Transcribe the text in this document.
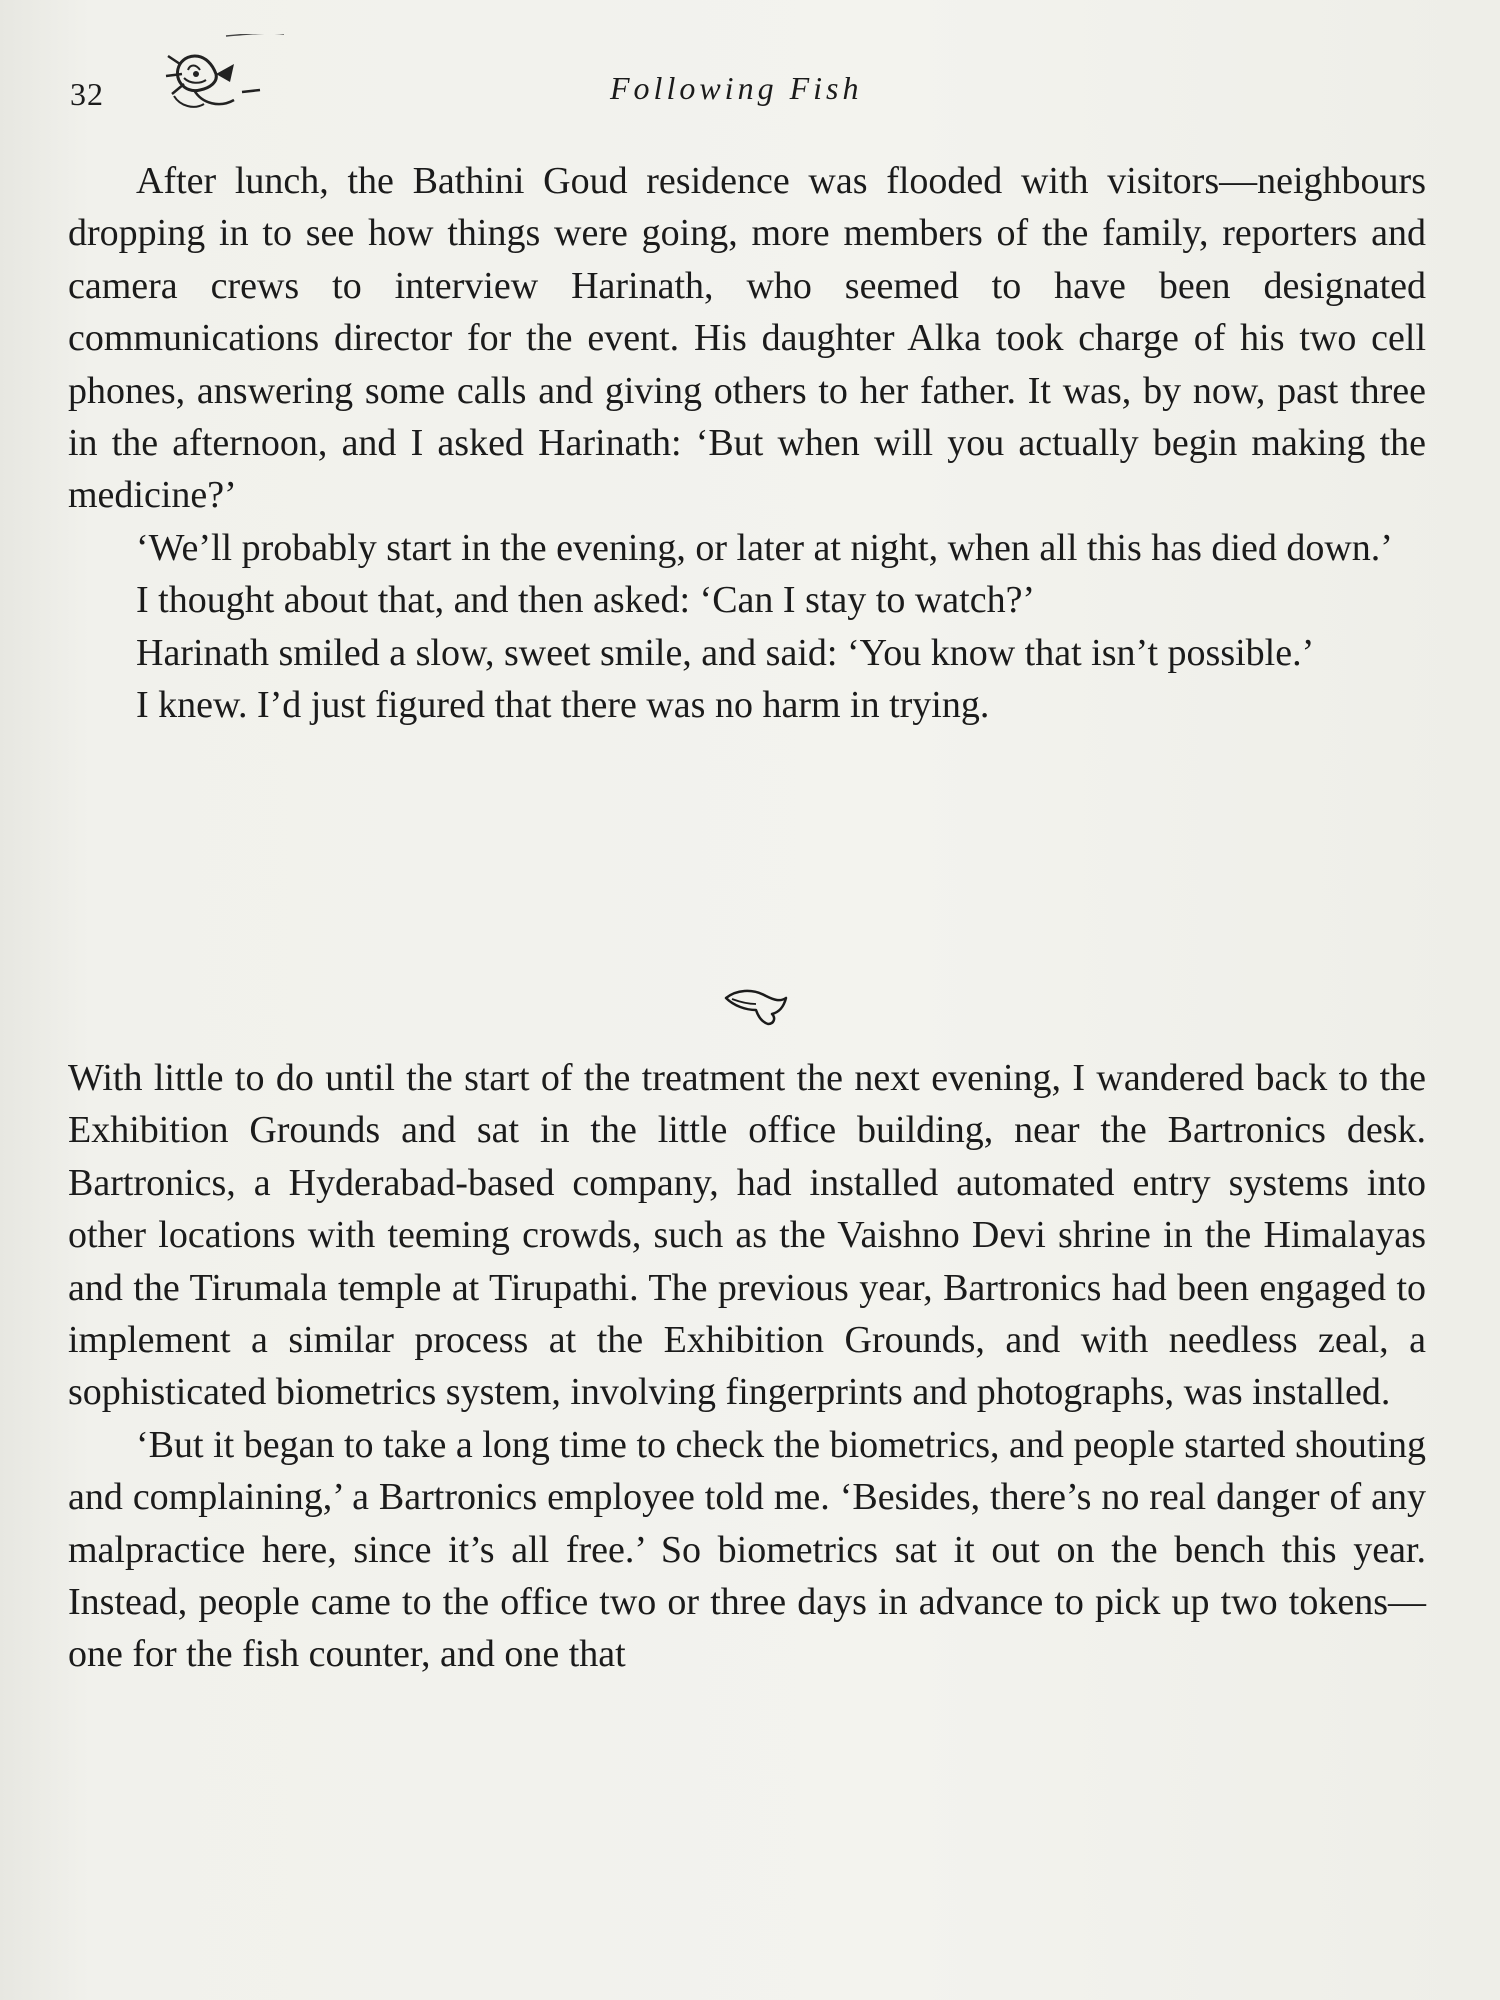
32	Following Fish

After lunch, the Bathini Goud residence was flooded with visitors—neighbours dropping in to see how things were going, more members of the family, reporters and camera crews to interview Harinath, who seemed to have been designated communications director for the event. His daughter Alka took charge of his two cell phones, answering some calls and giving others to her father. It was, by now, past three in the afternoon, and I asked Harinath: ‘But when will you actually begin making the medicine?’

‘We’ll probably start in the evening, or later at night, when all this has died down.’

I thought about that, and then asked: ‘Can I stay to watch?’

Harinath smiled a slow, sweet smile, and said: ‘You know that isn’t possible.’

I knew. I’d just figured that there was no harm in trying.

With little to do until the start of the treatment the next evening, I wandered back to the Exhibition Grounds and sat in the little office building, near the Bartronics desk. Bartronics, a Hyderabad-based company, had installed automated entry systems into other locations with teeming crowds, such as the Vaishno Devi shrine in the Himalayas and the Tirumala temple at Tirupathi. The previous year, Bartronics had been engaged to implement a similar process at the Exhibition Grounds, and with needless zeal, a sophisticated biometrics system, involving fingerprints and photographs, was installed.

‘But it began to take a long time to check the biometrics, and people started shouting and complaining,’ a Bartronics employee told me. ‘Besides, there’s no real danger of any malpractice here, since it’s all free.’ So biometrics sat it out on the bench this year. Instead, people came to the office two or three days in advance to pick up two tokens—one for the fish counter, and one that
